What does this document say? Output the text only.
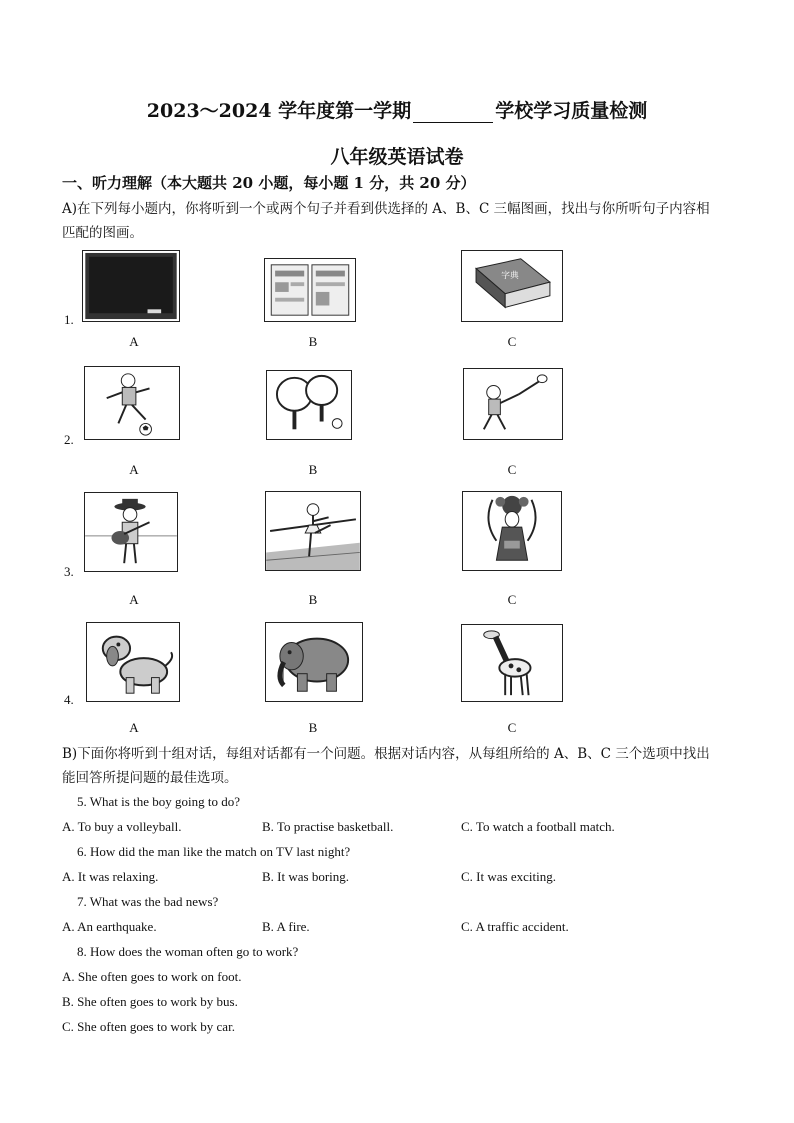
2023～2024 学年度第一学期	学校学习质量检测
八年级英语试卷
一、听力理解（本大题共 20 小题，每小题 1 分，共 20 分）
A)在下列每小题内，你将听到一个或两个句子并看到供选择的 A、B、C 三幅图画，找出与你所听句子内容相
匹配的图画。
1.
字典
A	B	C
2.
A	B	C
3.
A	B	C
4.
A	B	C
B)下面你将听到十组对话，每组对话都有一个问题。根据对话内容，从每组所给的 A、B、C 三个选项中找出
能回答所提问题的最佳选项。
5. What is the boy going to do?
A. To buy a volleyball.	B. To practise basketball.	C. To watch a football match.
6. How did the man like the match on TV last night?
A. It was relaxing.	B. It was boring.	C. It was exciting.
7. What was the bad news?
A. An earthquake.	B. A fire.	C. A traffic accident.
8. How does the woman often go to work?
A. She often goes to work on foot.
B. She often goes to work by bus.
C. She often goes to work by car.
